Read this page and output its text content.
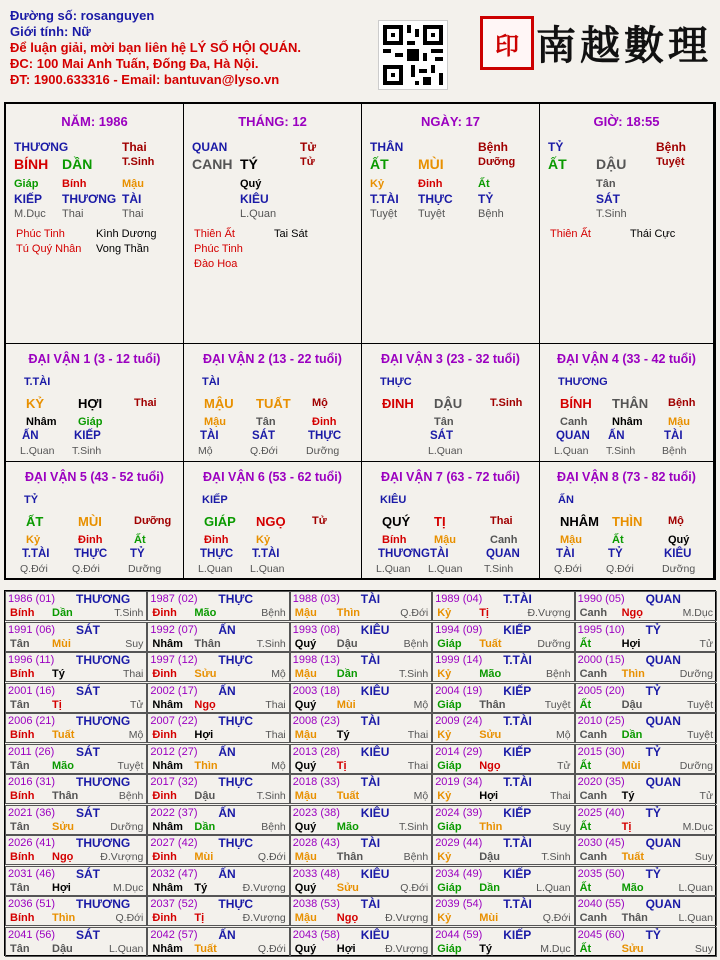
Đường số: rosanguyen
Giới tính: Nữ
Để luận giải, mời bạn liên hệ LÝ SỐ HỘI QUÁN.
ĐC: 100 Mai Anh Tuấn, Đống Đa, Hà Nội.
ĐT: 1900.633316 - Email: bantuvan@lyso.vn
印 南越數理
NĂM: 1986
THƯƠNG	Thai
BÍNH DẦN	T.Sinh
Giáp Bính	Mậu
KIẾP THƯƠNG TÀI
M.Dục Thai	Thai
Phúc Tinh	Kình Dương
Tú Quý Nhân Vong Thần
THÁNG: 12
QUAN	Tử
CANH TÝ	Tử
Quý
KIÊU
L.Quan
Thiên Ất	Tai Sát
Phúc Tinh
Đào Hoa
NGÀY: 17
THÂN	Bệnh
ẤT MÙI	Dưỡng
Kỷ	Đinh	Ất
T.TÀI THỰC TỶ
Tuyệt Tuyệt	Bệnh
GIỜ: 18:55
TỶ	Bệnh
ẤT DẬU	Tuyệt
Tân
SÁT
T.Sinh
Thiên Ất	Thái Cực
ĐẠI VẬN 1 (3 - 12 tuổi)
T.TÀI
KỶ	HỢI	Thai
Nhâm Giáp
ẤN	KIẾP
L.Quan T.Sinh
ĐẠI VẬN 2 (13 - 22 tuổi)
TÀI
MẬU TUẤT Mộ
Mậu	Tân	Đinh
TÀI	SÁT	THỰC
Mộ	Q.Đới	Dưỡng
ĐẠI VẬN 3 (23 - 32 tuổi)
THỰC
ĐINH DẬU	T.Sinh
Tân
SÁT
L.Quan
ĐẠI VẬN 4 (33 - 42 tuổi)
THƯƠNG
BÍNH THÂN Bệnh
Canh Nhâm Mậu
QUAN ẤN	TÀI
L.Quan T.Sinh	Bệnh
ĐẠI VẬN 5 (43 - 52 tuổi)
TỶ
ẤT	MÙI	Dưỡng
Kỷ	Đinh	Ất
T.TÀI THỰC TỶ
Q.Đới Q.Đới	Dưỡng
ĐẠI VẬN 6 (53 - 62 tuổi)
KIẾP
GIÁP NGỌ Tử
Đinh	Kỷ
THỰC T.TÀI
L.Quan L.Quan
ĐẠI VẬN 7 (63 - 72 tuổi)
KIÊU
QUÝ TỊ	Thai
Bính	Mậu	Canh
THƯƠNG TÀI	QUAN
L.Quan L.Quan T.Sinh
ĐẠI VẬN 8 (73 - 82 tuổi)
ẤN
NHÂM THÌN Mộ
Mậu	Ất	Quý
TÀI	TỶ	KIÊU
Q.Đới Q.Đới	Dưỡng
1986 (01) THƯƠNG
Bính Dần	T.Sinh
1987 (02) THỰC
Đinh Mão	Bệnh
1988 (03) TÀI
Mậu Thìn	Q.Đới
1989 (04) T.TÀI
Kỷ	Tị	Đ.Vượng
1990 (05) QUAN
Canh Ngọ	M.Dục
1991 (06) SÁT
Tân Mùi	Suy
1992 (07) ẤN
Nhâm Thân	T.Sinh
1993 (08) KIÊU
Quý Dậu	Bệnh
1994 (09) KIẾP
Giáp Tuất	Dưỡng
1995 (10) TỶ
Ất	Hợi	Tử
1996 (11) THƯƠNG
Bính Tý	Thai
1997 (12) THỰC
Đinh Sửu	Mộ
1998 (13) TÀI
Mậu Dần	T.Sinh
1999 (14) T.TÀI
Kỷ	Mão	Bệnh
2000 (15) QUAN
Canh Thìn	Dưỡng
2001 (16) SÁT
Tân Tị	Tử
2002 (17) ẤN
Nhâm Ngọ	Thai
2003 (18) KIÊU
Quý Mùi	Mộ
2004 (19) KIẾP
Giáp Thân	Tuyệt
2005 (20) TỶ
Ất	Dậu	Tuyệt
2006 (21) THƯƠNG
Bính Tuất	Mộ
2007 (22) THỰC
Đinh Hợi	Thai
2008 (23) TÀI
Mậu Tý	Thai
2009 (24) T.TÀI
Kỷ	Sửu	Mộ
2010 (25) QUAN
Canh Dần	Tuyệt
2011 (26) SÁT
Tân Mão	Tuyệt
2012 (27) ẤN
Nhâm Thìn	Mộ
2013 (28) KIÊU
Quý Tị	Thai
2014 (29) KIẾP
Giáp Ngọ	Tử
2015 (30) TỶ
Ất	Mùi	Dưỡng
2016 (31) THƯƠNG
Bính Thân	Bệnh
2017 (32) THỰC
Đinh Dậu	T.Sinh
2018 (33) TÀI
Mậu Tuất	Mộ
2019 (34) T.TÀI
Kỷ	Hợi	Thai
2020 (35) QUAN
Canh Tý	Tử
2021 (36) SÁT
Tân Sửu	Dưỡng
2022 (37) ẤN
Nhâm Dần	Bệnh
2023 (38) KIÊU
Quý Mão	T.Sinh
2024 (39) KIẾP
Giáp Thìn	Suy
2025 (40) TỶ
Ất	Tị	M.Dục
2026 (41) THƯƠNG
Bính Ngọ	Đ.Vượng
2027 (42) THỰC
Đinh Mùi	Q.Đới
2028 (43) TÀI
Mậu Thân	Bệnh
2029 (44) T.TÀI
Kỷ	Dậu	T.Sinh
2030 (45) QUAN
Canh Tuất	Suy
2031 (46) SÁT
Tân Hợi	M.Dục
2032 (47) ẤN
Nhâm Tý	Đ.Vượng
2033 (48) KIÊU
Quý Sửu	Q.Đới
2034 (49) KIẾP
Giáp Dần	L.Quan
2035 (50) TỶ
Ất	Mão	L.Quan
2036 (51) THƯƠNG
Bính Thìn	Q.Đới
2037 (52) THỰC
Đinh Tị	Đ.Vượng
2038 (53) TÀI
Mậu Ngọ	Đ.Vượng
2039 (54) T.TÀI
Kỷ	Mùi	Q.Đới
2040 (55) QUAN
Canh Thân	L.Quan
2041 (56) SÁT
Tân Dậu	L.Quan
2042 (57) ẤN
Nhâm Tuất	Q.Đới
2043 (58) KIÊU
Quý Hợi	Đ.Vượng
2044 (59) KIẾP
Giáp Tý	M.Dục
2045 (60) TỶ
Ất	Sửu	Suy
